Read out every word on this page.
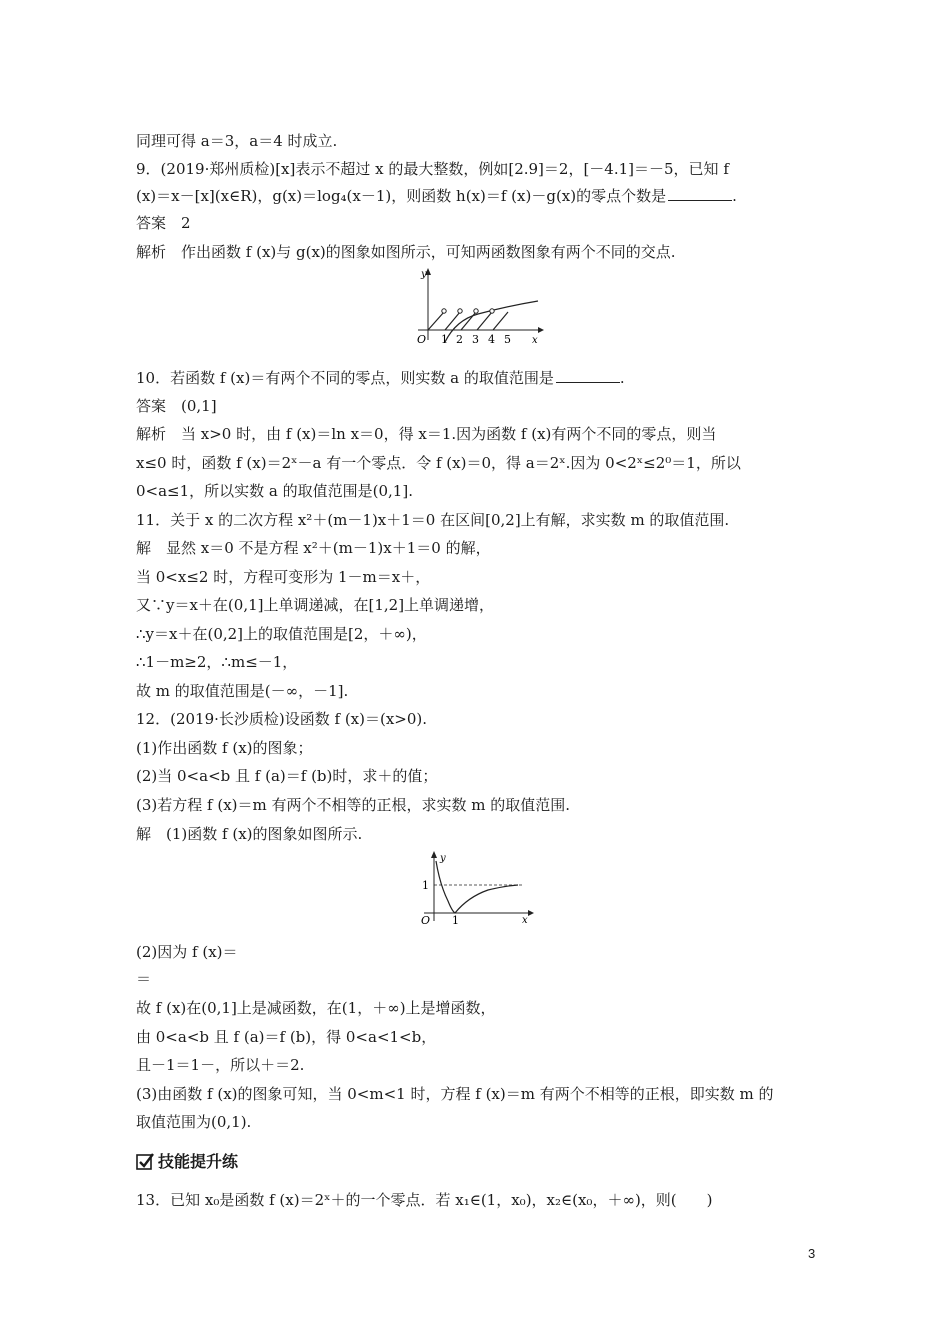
同理可得 a＝3，a＝4 时成立.
9．(2019·郑州质检)[x]表示不超过 x 的最大整数，例如[2.9]＝2，[－4.1]＝－5，已知 f
(x)＝x－[x](x∈R)，g(x)＝log₄(x－1)，则函数 h(x)＝f (x)－g(x)的零点个数是	.
答案　2
解析　作出函数 f (x)与 g(x)的图象如图所示，可知两函数图象有两个不同的交点.
y
x
O 1 2 3 4 5
10．若函数 f (x)＝有两个不同的零点，则实数 a 的取值范围是	.
答案　(0,1]
解析　当 x>0 时，由 f (x)＝ln x＝0，得 x＝1.因为函数 f (x)有两个不同的零点，则当
x≤0 时，函数 f (x)＝2ˣ－a 有一个零点．令 f (x)＝0，得 a＝2ˣ.因为 0<2ˣ≤2⁰＝1，所以
0<a≤1，所以实数 a 的取值范围是(0,1].
11．关于 x 的二次方程 x²＋(m－1)x＋1＝0 在区间[0,2]上有解，求实数 m 的取值范围.
解　显然 x＝0 不是方程 x²＋(m－1)x＋1＝0 的解，
当 0<x≤2 时，方程可变形为 1－m＝x＋，
又∵y＝x＋在(0,1]上单调递减，在[1,2]上单调递增，
∴y＝x＋在(0,2]上的取值范围是[2，＋∞)，
∴1－m≥2，∴m≤－1，
故 m 的取值范围是(－∞，－1].
12．(2019·长沙质检)设函数 f (x)＝(x>0).
(1)作出函数 f (x)的图象；
(2)当 0<a<b 且 f (a)＝f (b)时，求＋的值；
(3)若方程 f (x)＝m 有两个不相等的正根，求实数 m 的取值范围.
解　(1)函数 f (x)的图象如图所示.
y
x
O
1
1
(2)因为 f (x)＝
＝
故 f (x)在(0,1]上是减函数，在(1，＋∞)上是增函数，
由 0<a<b 且 f (a)＝f (b)，得 0<a<1<b，
且－1＝1－，所以＋＝2.
(3)由函数 f (x)的图象可知，当 0<m<1 时，方程 f (x)＝m 有两个不相等的正根，即实数 m 的
取值范围为(0,1).
技能提升练
13．已知 x₀是函数 f (x)＝2ˣ＋的一个零点．若 x₁∈(1，x₀)，x₂∈(x₀，＋∞)，则(　　)
3
